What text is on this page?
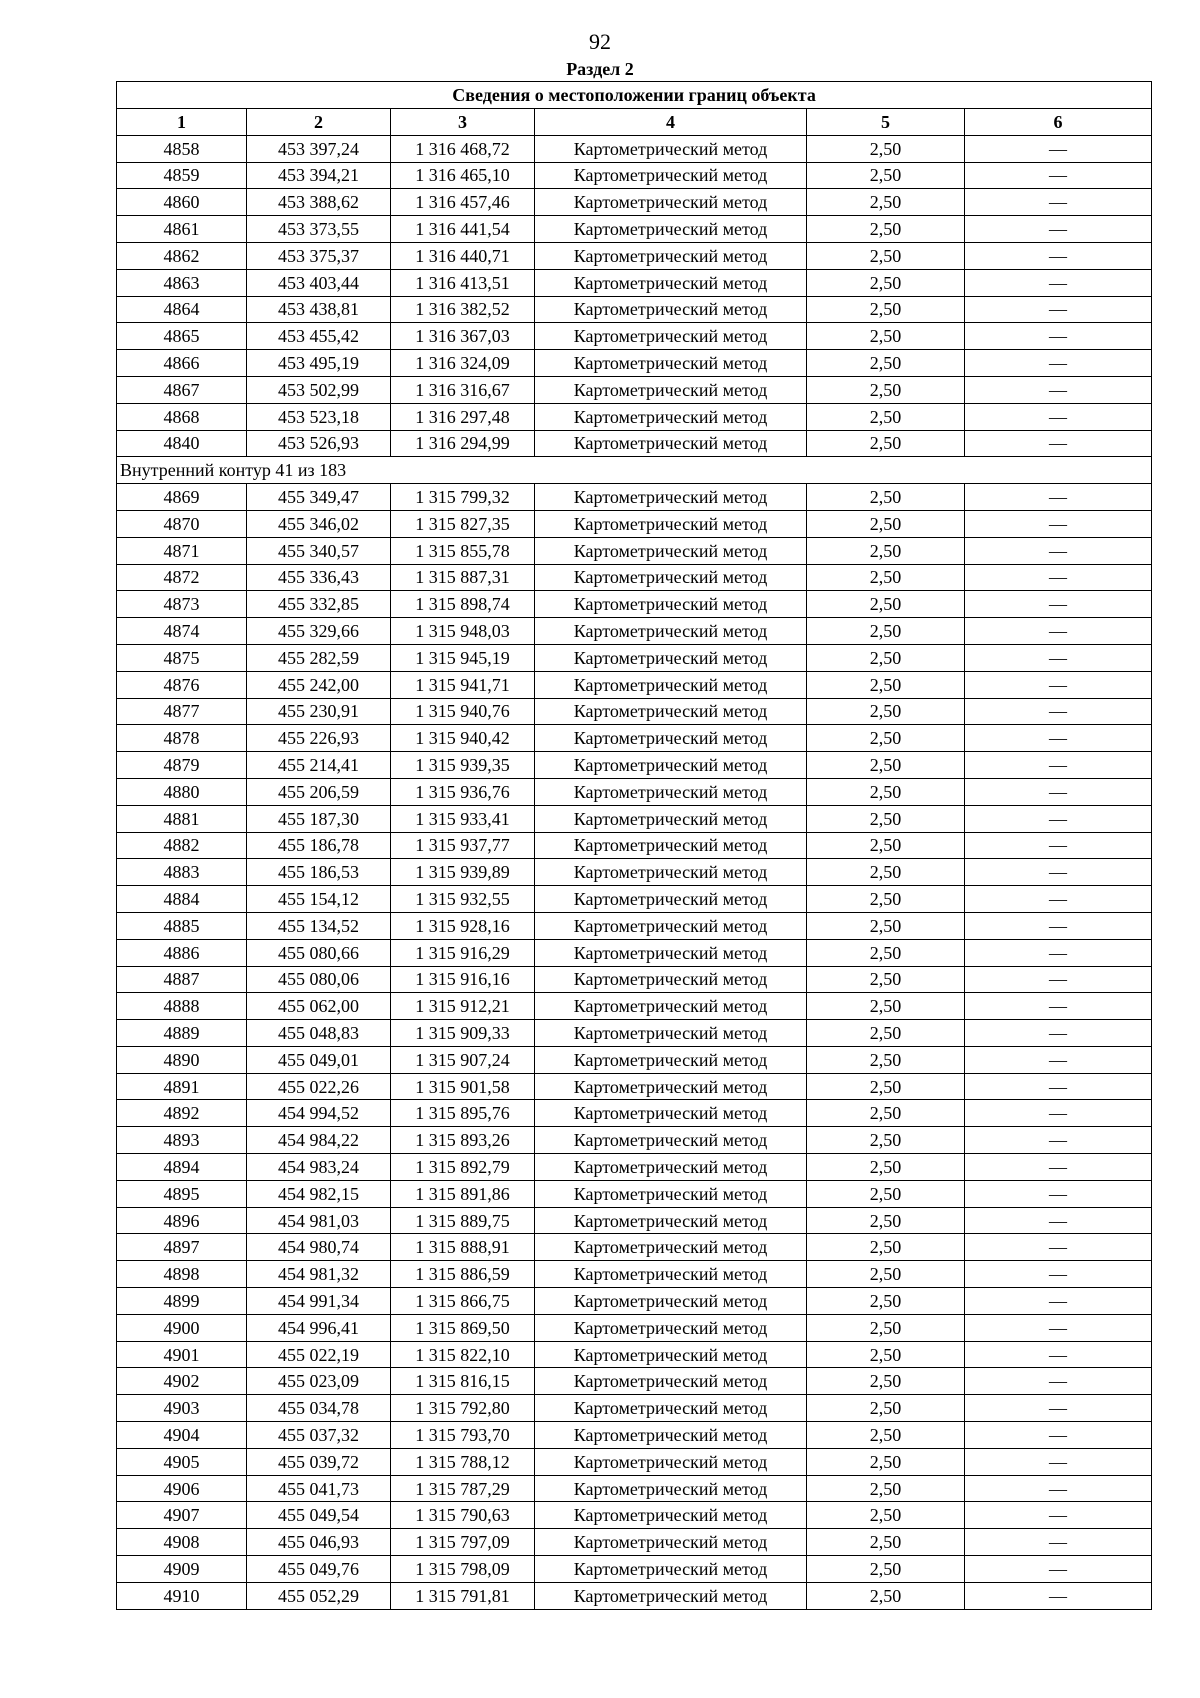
92
Раздел 2
Сведения о местоположении границ объекта					
1	2	3	4	5	6
4858	453 397,24	1 316 468,72	Картометрический метод	2,50	—
4859	453 394,21	1 316 465,10	Картометрический метод	2,50	—
4860	453 388,62	1 316 457,46	Картометрический метод	2,50	—
4861	453 373,55	1 316 441,54	Картометрический метод	2,50	—
4862	453 375,37	1 316 440,71	Картометрический метод	2,50	—
4863	453 403,44	1 316 413,51	Картометрический метод	2,50	—
4864	453 438,81	1 316 382,52	Картометрический метод	2,50	—
4865	453 455,42	1 316 367,03	Картометрический метод	2,50	—
4866	453 495,19	1 316 324,09	Картометрический метод	2,50	—
4867	453 502,99	1 316 316,67	Картометрический метод	2,50	—
4868	453 523,18	1 316 297,48	Картометрический метод	2,50	—
4840	453 526,93	1 316 294,99	Картометрический метод	2,50	—
Внутренний контур 41 из 183					
4869	455 349,47	1 315 799,32	Картометрический метод	2,50	—
4870	455 346,02	1 315 827,35	Картометрический метод	2,50	—
4871	455 340,57	1 315 855,78	Картометрический метод	2,50	—
4872	455 336,43	1 315 887,31	Картометрический метод	2,50	—
4873	455 332,85	1 315 898,74	Картометрический метод	2,50	—
4874	455 329,66	1 315 948,03	Картометрический метод	2,50	—
4875	455 282,59	1 315 945,19	Картометрический метод	2,50	—
4876	455 242,00	1 315 941,71	Картометрический метод	2,50	—
4877	455 230,91	1 315 940,76	Картометрический метод	2,50	—
4878	455 226,93	1 315 940,42	Картометрический метод	2,50	—
4879	455 214,41	1 315 939,35	Картометрический метод	2,50	—
4880	455 206,59	1 315 936,76	Картометрический метод	2,50	—
4881	455 187,30	1 315 933,41	Картометрический метод	2,50	—
4882	455 186,78	1 315 937,77	Картометрический метод	2,50	—
4883	455 186,53	1 315 939,89	Картометрический метод	2,50	—
4884	455 154,12	1 315 932,55	Картометрический метод	2,50	—
4885	455 134,52	1 315 928,16	Картометрический метод	2,50	—
4886	455 080,66	1 315 916,29	Картометрический метод	2,50	—
4887	455 080,06	1 315 916,16	Картометрический метод	2,50	—
4888	455 062,00	1 315 912,21	Картометрический метод	2,50	—
4889	455 048,83	1 315 909,33	Картометрический метод	2,50	—
4890	455 049,01	1 315 907,24	Картометрический метод	2,50	—
4891	455 022,26	1 315 901,58	Картометрический метод	2,50	—
4892	454 994,52	1 315 895,76	Картометрический метод	2,50	—
4893	454 984,22	1 315 893,26	Картометрический метод	2,50	—
4894	454 983,24	1 315 892,79	Картометрический метод	2,50	—
4895	454 982,15	1 315 891,86	Картометрический метод	2,50	—
4896	454 981,03	1 315 889,75	Картометрический метод	2,50	—
4897	454 980,74	1 315 888,91	Картометрический метод	2,50	—
4898	454 981,32	1 315 886,59	Картометрический метод	2,50	—
4899	454 991,34	1 315 866,75	Картометрический метод	2,50	—
4900	454 996,41	1 315 869,50	Картометрический метод	2,50	—
4901	455 022,19	1 315 822,10	Картометрический метод	2,50	—
4902	455 023,09	1 315 816,15	Картометрический метод	2,50	—
4903	455 034,78	1 315 792,80	Картометрический метод	2,50	—
4904	455 037,32	1 315 793,70	Картометрический метод	2,50	—
4905	455 039,72	1 315 788,12	Картометрический метод	2,50	—
4906	455 041,73	1 315 787,29	Картометрический метод	2,50	—
4907	455 049,54	1 315 790,63	Картометрический метод	2,50	—
4908	455 046,93	1 315 797,09	Картометрический метод	2,50	—
4909	455 049,76	1 315 798,09	Картометрический метод	2,50	—
4910	455 052,29	1 315 791,81	Картометрический метод	2,50	—
